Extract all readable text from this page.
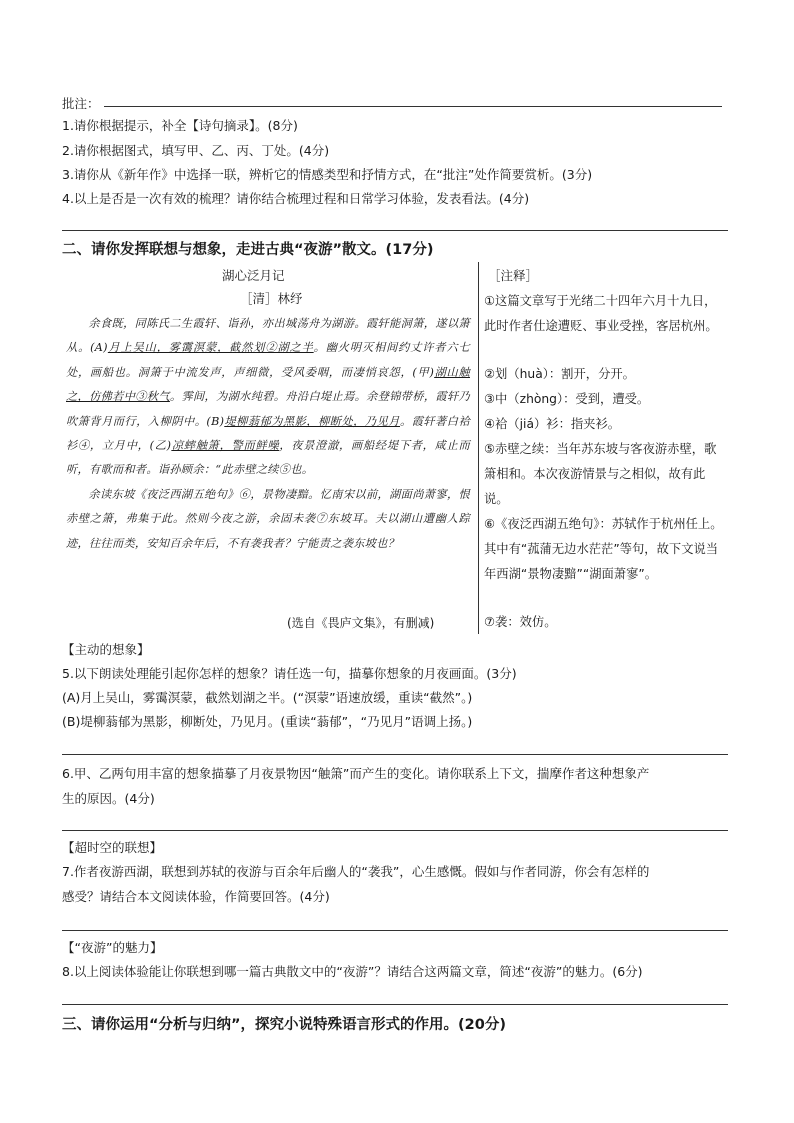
批注：
1.请你根据提示，补全【诗句摘录】。(8分)
2.请你根据图式，填写甲、乙、丙、丁处。(4分)
3.请你从《新年作》中选择一联，辨析它的情感类型和抒情方式，在“批注”处作简要赏析。(3分)
4.以上是否是一次有效的梳理？请你结合梳理过程和日常学习体验，发表看法。(4分)
二、请你发挥联想与想象，走进古典“夜游”散文。(17分)
湖心泛月记
［清］林纾

余食既，同陈氏二生霞轩、诣孙，亦出城荡舟为湖游。霞轩能洞箫，遂以箫从。(A)月上吴山，雾霭溟蒙，截然划②湖之半。幽火明灭相间约丈许者六七处，画船也。洞箫于中流发声，声细微，受风委咽，而凄悄哀怨，(甲)湖山触之，仿佛若中③秋气。霁间，为湖水纯碧。舟沿白堤止焉。余登锦带桥，霞轩乃吹箫背月而行，入柳阴中。(B)堤柳蓊郁为黑影，柳断处，乃见月。霞轩著白袷衫④，立月中，(乙)凉蟀触箫，警而鲜噪，夜景澄澈，画船经堤下者，咸止而听，有歌而和者。诣孙顾余：“此赤壁之续⑤也。

余读东坡《夜泛西湖五绝句》⑥，景物凄黯。忆南宋以前，湖面尚萧寥，恨赤壁之箫，弗集于此。然则今夜之游，余固未袭⑦东坡耳。夫以湖山遭幽人踪迹，往往而类，安知百余年后，不有袭我者？宁能责之袭东坡也？

(选自《畏庐文集》，有删减)
［注释］
①这篇文章写于光绪二十四年六月十九日，此时作者仕途遭贬、事业受挫，客居杭州。
②划（huà）：割开，分开。
③中（zhòng）：受到，遭受。
④袷（jiá）衫：指夹衫。
⑤赤壁之续：当年苏东坡与客夜游赤壁，歌箫相和。本次夜游情景与之相似，故有此说。
⑥《夜泛西湖五绝句》：苏轼作于杭州任上。其中有“菰蒲无边水茫茫”等句，故下文说当年西湖“景物凄黯”“湖面萧寥”。
⑦袭：效仿。
【主动的想象】
5.以下朗读处理能引起你怎样的想象？请任选一句，描摹你想象的月夜画面。(3分)
(A)月上吴山，雾霭溟蒙，截然划湖之半。(“溟蒙”语速放缓，重读“截然”。)
(B)堤柳蓊郁为黑影，柳断处，乃见月。(重读“蓊郁”，“乃见月”语调上扬。)
6.甲、乙两句用丰富的想象描摹了月夜景物因“触箫”而产生的变化。请你联系上下文，揣摩作者这种想象产
生的原因。(4分)
【超时空的联想】
7.作者夜游西湖，联想到苏轼的夜游与百余年后幽人的“袭我”，心生感慨。假如与作者同游，你会有怎样的
感受？请结合本文阅读体验，作简要回答。(4分)
【“夜游”的魅力】
8.以上阅读体验能让你联想到哪一篇古典散文中的“夜游”？请结合这两篇文章，简述“夜游”的魅力。(6分)
三、请你运用“分析与归纳”，探究小说特殊语言形式的作用。(20分)
